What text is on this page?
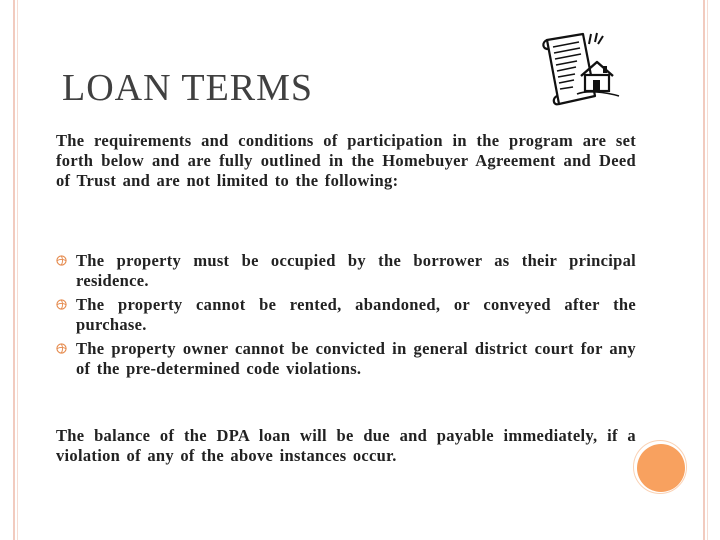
LOAN TERMS

The requirements and conditions of participation in the program are set forth below and are fully outlined in the Homebuyer Agreement and Deed of Trust and are not limited to the following:

The property must be occupied by the borrower as their principal residence.
The property cannot be rented, abandoned, or conveyed after the purchase.
The property owner cannot be convicted in general district court for any of the pre-determined code violations.

The balance of the DPA loan will be due and payable immediately, if a violation of any of the above instances occur.
